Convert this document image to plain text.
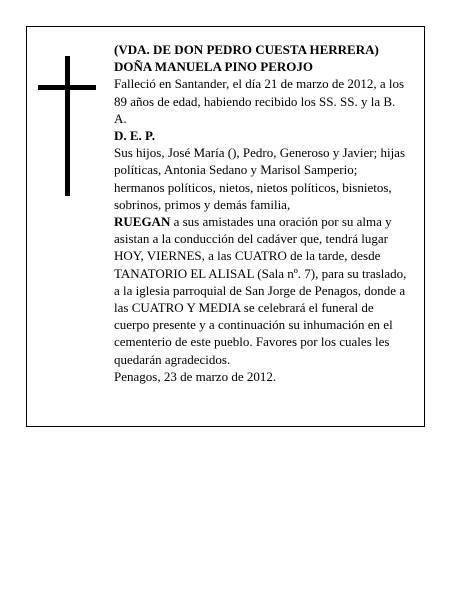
(VDA. DE DON PEDRO CUESTA HERRERA)

DOÑA MANUELA PINO PEROJO

Falleció en Santander, el día 21 de marzo de 2012, a los 89 años de edad, habiendo recibido los SS. SS. y la B. A.

D. E. P.

Sus hijos, José María (), Pedro, Generoso y Javier; hijas políticas, Antonia Sedano y Marisol Samperio; hermanos políticos, nietos, nietos políticos, bisnietos, sobrinos, primos y demás familia,

RUEGAN a sus amistades una oración por su alma y asistan a la conducción del cadáver que, tendrá lugar HOY, VIERNES, a las CUATRO de la tarde, desde TANATORIO EL ALISAL (Sala nº. 7), para su traslado, a la iglesia parroquial de San Jorge de Penagos, donde a las CUATRO Y MEDIA se celebrará el funeral de cuerpo presente y a continuación su inhumación en el cementerio de este pueblo. Favores por los cuales les quedarán agradecidos.

Penagos, 23 de marzo de 2012.
